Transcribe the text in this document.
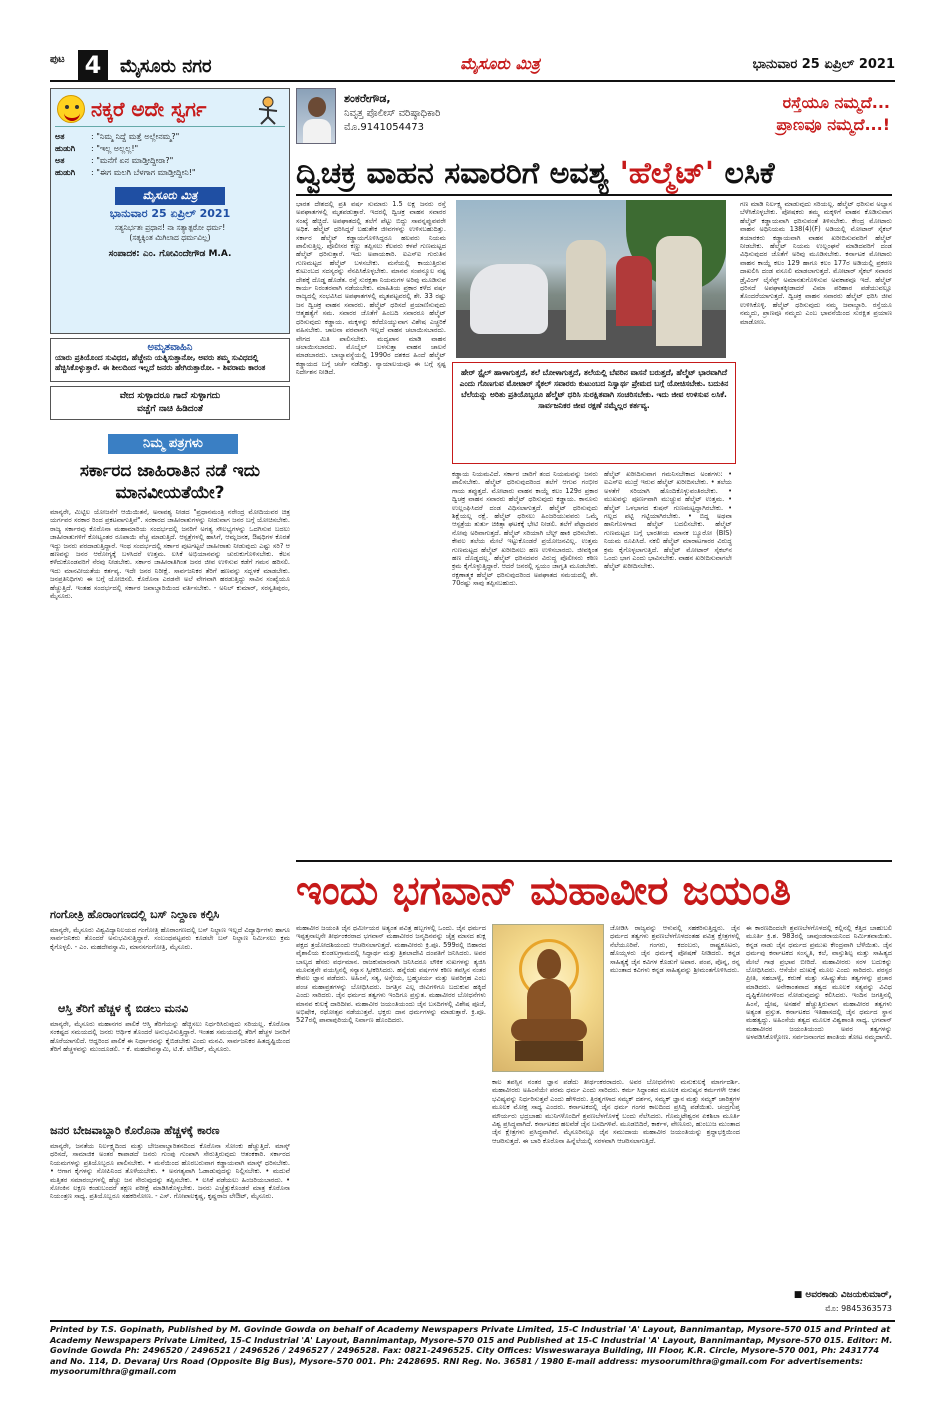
ಪುಟ 4	ಮೈಸೂರು ನಗರ	ಮೈಸೂರು ಮಿತ್ರ	ಭಾನುವಾರ 25 ಏಪ್ರಿಲ್ 2021
ನಕ್ಕರೆ ಅದೇ ಸ್ವರ್ಗ
ಅತ	: "ನಿಮ್ಮ ನಿದ್ದೆ ಮತ್ತೆ ಅಲ್ಲೇನಮ್ಮ?"
ಹುಡುಗಿ	: "ಇಲ್ಲ ಅಲ್ಲಲ್ಲ!"
ಅತ	: "ಮನೆಗೆ ಏನ ಮಾಡ್ತೀದ್ದೀರಾ?"
ಹುಡುಗಿ	: "ಈಗ ಮಲಗಿ ಬೆಳಗಾಗ ಮಾಡ್ತೀದ್ದೀನಿ!"
ಮೈಸೂರು ಮಿತ್ರ
ಭಾನುವಾರ 25 ಏಪ್ರಿಲ್ 2021
ಸತ್ಯನಿರ್ಭತಃ ಪ್ರಧಾನ! ನಾ ಸತ್ಯಾತ್ಪರೋ ಧರ್ಮ!
(ಸತ್ಯಕ್ಕಿಂತ ಮಿಗಿಲಾದ ಧರ್ಮವಿಲ್ಲ)
ಸಂಪಾದಕ: ಎಂ. ಗೋವಿಂದೇಗೌಡ M.A.
ಅಮೃತವಾಹಿನಿ
ಯಾರು ಪ್ರತಿಯೊಂದ ಸುವಿಧದ, ಹೆಚ್ಚೇನು ಯತ್ನಿಸುತ್ತಾನೋ, ಅವರು ತಮ್ಮ ಸುವಿಧದಲ್ಲಿ ಹೆಚ್ಚಿಸಿಕೊಳ್ಳುತ್ತಾರೆ. ಈ ಶೀಲದಿಂದ ಇಲ್ಲದೆ ಜನರು ಹೇಗಿರುತ್ತಾರೋ. - ಶಿವರಾಮ ಕಾರಂತ
ವೇದ ಸುಳ್ಳಾದರೂ ಗಾದೆ ಸುಳ್ಳಾಗದು
ವಚ್ಚೆಗೆ ನಾಚಿ ಹಿಡಿದಂತೆ
ನಿಮ್ಮ ಪತ್ರಗಳು
ಸರ್ಕಾರದ ಜಾಹಿರಾತಿನ ನಡೆ ಇದು ಮಾನವೀಯತೆಯೇ?
ಮಾನ್ಯರೇ, ಮಿಟ್ಟಿಲ ಯೋಜನೆಗೆ ಆಯಿಯಿತನೆ, ಅನಾವಶ್ಯ ನೀಡದ "ಪ್ರಧಾನಮಂತ್ರಿ ನರೇಂದ್ರ ಮೋದಿಯವರ ಚಿತ್ರ ಯರ್ಗವರ ಸರಕಾರ ರಿಂದ ಪ್ರಕಟವಾಗುತ್ತಿವೆ". ಸರಕಾರದ ಜಾಹೀರಾತುಗಳನ್ನು ನೀಡುವಾಗ ಜನರ ಬಗ್ಗೆ ಯೋಚಿಸಬೇಕು. ರಾಜ್ಯ ಸರ್ಕಾರವು ಕೊರೊನಾ ಮಹಾಮಾರಿಯ ಸಂದರ್ಭದಲ್ಲಿ ಜನರಿಗೆ ಅಗತ್ಯ ಸೌಲಭ್ಯಗಳನ್ನು ಒದಗಿಸುವ ಬದಲು ಜಾಹೀರಾತುಗಳಿಗೆ ಕೋಟ್ಯಂತರ ರೂಪಾಯಿ ವೆಚ್ಚ ಮಾಡುತ್ತಿದೆ. ಆಸ್ಪತ್ರೆಗಳಲ್ಲಿ ಹಾಸಿಗೆ, ಆಮ್ಲಜನಕ, ಔಷಧಿಗಳ ಕೊರತೆ ಇದ್ದು ಜನರು ಪರದಾಡುತ್ತಿದ್ದಾರೆ. ಇಂಥ ಸಂದರ್ಭದಲ್ಲಿ ಸರ್ಕಾರ ಪುಟಗಟ್ಟಲೆ ಜಾಹೀರಾತು ನೀಡುವುದು ಎಷ್ಟು ಸರಿ? ಆ ಹಣವನ್ನು ಜನರ ಆರೋಗ್ಯಕ್ಕೆ ಬಳಸಿದರೆ ಉತ್ತಮ. ಲಸಿಕೆ ಅಭಿಯಾನವನ್ನು ಚುರುಕುಗೊಳಿಸಬೇಕು. ಕೆಲಸ ಕಳೆದುಕೊಂಡವರಿಗೆ ನೆರವು ನೀಡಬೇಕು. ಸರ್ಕಾರ ಜಾಹೀರಾತಿಗಿಂತ ಜನರ ಜೀವ ಉಳಿಸುವ ಕಡೆಗೆ ಗಮನ ಹರಿಸಲಿ. ಇದು ಮಾನವೀಯತೆಯ ಕರ್ತವ್ಯ. ಇದೇ ಜನರ ನಿರೀಕ್ಷೆ. ಸಾರ್ವಜನಿಕರ ತೆರಿಗೆ ಹಣವನ್ನು ಸದ್ಬಳಕೆ ಮಾಡಬೇಕು. ಜನಪ್ರತಿನಿಧಿಗಳು ಈ ಬಗ್ಗೆ ಯೋಚಿಸಲಿ. ಕೊರೊನಾ ಎರಡನೇ ಅಲೆ ವೇಗವಾಗಿ ಹರಡುತ್ತಿದ್ದು ಸಾವಿನ ಸಂಖ್ಯೆಯೂ ಹೆಚ್ಚುತ್ತಿದೆ. ಇಂತಹ ಸಂದರ್ಭದಲ್ಲಿ ಸರ್ಕಾರ ಜವಾಬ್ದಾರಿಯಿಂದ ವರ್ತಿಸಬೇಕು. - ಅನಿಲ್ ಕುಮಾರ್, ಸರಸ್ವತಿಪುರಂ, ಮೈಸೂರು.
ಗಂಗೋತ್ರಿ ಹೊರಾಂಗಣದಲ್ಲಿ ಬಸ್ ನಿಲ್ದಾಣ ಕಲ್ಪಿಸಿ
ಮಾನ್ಯರೇ, ಮೈಸೂರು ವಿಶ್ವವಿದ್ಯಾನಿಲಯದ ಗಂಗೋತ್ರಿ ಹೊರಾಂಗಣದಲ್ಲಿ ಬಸ್ ನಿಲ್ದಾಣ ಇಲ್ಲದೆ ವಿದ್ಯಾರ್ಥಿಗಳು ಹಾಗೂ ಸಾರ್ವಜನಿಕರು ತೊಂದರೆ ಅನುಭವಿಸುತ್ತಿದ್ದಾರೆ. ಸಂಬಂಧಪಟ್ಟವರು ಕೂಡಲೇ ಬಸ್ ನಿಲ್ದಾಣ ನಿರ್ಮಿಸಲು ಕ್ರಮ ಕೈಗೊಳ್ಳಲಿ. - ಎಂ. ಮಹದೇವಸ್ವಾಮಿ, ಮಾನಸಗಂಗೋತ್ರಿ, ಮೈಸೂರು.
ಆಸ್ತಿ ತೆರಿಗೆ ಹೆಚ್ಚಳ ಕೈ ಬಿಡಲು ಮನವಿ
ಮಾನ್ಯರೇ, ಮೈಸೂರು ಮಹಾನಗರ ಪಾಲಿಕೆ ಆಸ್ತಿ ತೆರಿಗೆಯನ್ನು ಹೆಚ್ಚಿಸಲು ನಿರ್ಧರಿಸಿರುವುದು ಸರಿಯಲ್ಲ. ಕೊರೊನಾ ಸಂಕಷ್ಟದ ಸಮಯದಲ್ಲಿ ಜನರು ಆರ್ಥಿಕ ತೊಂದರೆ ಅನುಭವಿಸುತ್ತಿದ್ದಾರೆ. ಇಂತಹ ಸಮಯದಲ್ಲಿ ತೆರಿಗೆ ಹೆಚ್ಚಳ ಜನರಿಗೆ ಹೊರೆಯಾಗಲಿದೆ. ಆದ್ದರಿಂದ ಪಾಲಿಕೆ ಈ ನಿರ್ಧಾರವನ್ನು ಕೈಬಿಡಬೇಕು ಎಂದು ಮನವಿ. ಸಾರ್ವಜನಿಕರ ಹಿತದೃಷ್ಟಿಯಿಂದ ತೆರಿಗೆ ಹೆಚ್ಚಳವನ್ನು ಮುಂದೂಡಲಿ. - ಕೆ. ಮಹದೇವಸ್ವಾಮಿ, ಟಿ.ಕೆ. ಲೇಔಟ್, ಮೈಸೂರು.
ಜನರ ಬೇಜವಾಬ್ದಾರಿ ಕೊರೊನಾ ಹೆಚ್ಚಳಕ್ಕೆ ಕಾರಣ
ಮಾನ್ಯರೇ, ಜನತೆಯ ನಿರ್ಲಕ್ಷ್ಯದಿಂದ ಮತ್ತು ಬೇಜವಾಬ್ದಾರಿತನದಿಂದ ಕೊರೊನಾ ಸೋಂಕು ಹೆಚ್ಚುತ್ತಿದೆ. ಮಾಸ್ಕ್ ಧರಿಸದೆ, ಸಾಮಾಜಿಕ ಅಂತರ ಕಾಪಾಡದೆ ಜನರು ಗುಂಪು ಗುಂಪಾಗಿ ಸೇರುತ್ತಿರುವುದು ಆತಂಕಕಾರಿ. ಸರ್ಕಾರದ ನಿಯಮಗಳನ್ನು ಪ್ರತಿಯೊಬ್ಬರೂ ಪಾಲಿಸಬೇಕು. • ಮನೆಯಿಂದ ಹೊರಬರುವಾಗ ಕಡ್ಡಾಯವಾಗಿ ಮಾಸ್ಕ್ ಧರಿಸಬೇಕು. • ಆಗಾಗ ಕೈಗಳನ್ನು ಸೋಪಿನಿಂದ ತೊಳೆಯಬೇಕು. • ಅನಗತ್ಯವಾಗಿ ಓಡಾಡುವುದನ್ನು ನಿಲ್ಲಿಸಬೇಕು. • ಮದುವೆ ಮತ್ತಿತರ ಸಮಾರಂಭಗಳಲ್ಲಿ ಹೆಚ್ಚು ಜನ ಸೇರುವುದನ್ನು ತಪ್ಪಿಸಬೇಕು. • ಲಸಿಕೆ ಪಡೆಯಲು ಹಿಂಜರಿಯಬಾರದು. • ಸೋಂಕಿನ ಲಕ್ಷಣ ಕಂಡುಬಂದರೆ ತಕ್ಷಣ ಪರೀಕ್ಷೆ ಮಾಡಿಸಿಕೊಳ್ಳಬೇಕು. ಜನರು ಎಚ್ಚೆತ್ತುಕೊಂಡರೆ ಮಾತ್ರ ಕೊರೊನಾ ನಿಯಂತ್ರಣ ಸಾಧ್ಯ. ಪ್ರತಿಯೊಬ್ಬರೂ ಸಹಕರಿಸೋಣ. - ಎಸ್. ಗೋಪಾಲಕೃಷ್ಣ, ಕೃಷ್ಣರಾಜ ಲೇಔಟ್, ಮೈಸೂರು.
ಶಂಕರೇಗೌಡ,
ನಿವೃತ್ತ ಪೊಲೀಸ್ ವರಿಷ್ಠಾಧಿಕಾರಿ
ಮೊ.9141054473
ರಸ್ತೆಯೂ ನಮ್ಮದೆ...
ಪ್ರಾಣವೂ ನಮ್ಮದೆ...!
ದ್ವಿಚಕ್ರ ವಾಹನ ಸವಾರರಿಗೆ ಅವಶ್ಯ 'ಹೆಲ್ಮೆಟ್' ಲಸಿಕೆ
ಹೇರ್ ಸ್ಟೈಲ್ ಹಾಳಾಗುತ್ತದೆ, ತಲೆ ಬೋಳಾಗುತ್ತದೆ, ತಲೆಯಲ್ಲಿ ಬೆವರಿನ ವಾಸನೆ ಬರುತ್ತದೆ, ಹೆಲ್ಮೆಟ್ ಭಾರವಾಗಿದೆ ಎಂದು ಗೊಣಗುವ ಮೋಟಾರ್ ಸೈಕಲ್ ಸವಾರರು ಕುಟುಂಬದ ನಿಸ್ವಾರ್ಥ ಪ್ರೇಮದ ಬಗ್ಗೆ ಯೋಚಿಸಬೇಕು. ಬದುಕಿನ ಬೆಲೆಯನ್ನು ಅರಿತು ಪ್ರತಿಯೊಬ್ಬರೂ ಹೆಲ್ಮೆಟ್ ಧರಿಸಿ ಸುರಕ್ಷಿತವಾಗಿ ಸಂಚರಿಸಬೇಕು. ಇದು ಜೀವ ಉಳಿಸುವ ಲಸಿಕೆ. ಸಾರ್ವಜನಿಕರ ಜೀವ ರಕ್ಷಣೆ ನಮ್ಮೆಲ್ಲರ ಕರ್ತವ್ಯ.
ಭಾರತ ದೇಶದಲ್ಲಿ ಪ್ರತಿ ವರ್ಷ ಸುಮಾರು 1.5 ಲಕ್ಷ ಜನರು ರಸ್ತೆ ಅಪಘಾತಗಳಲ್ಲಿ ಮೃತಪಡುತ್ತಾರೆ. ಇದರಲ್ಲಿ ದ್ವಿಚಕ್ರ ವಾಹನ ಸವಾರರ ಸಂಖ್ಯೆ ಹೆಚ್ಚಿದೆ. ಅಪಘಾತದಲ್ಲಿ ತಲೆಗೆ ಪೆಟ್ಟು ಬಿದ್ದು ಸಾವನ್ನಪ್ಪುವವರೇ ಅಧಿಕ. ಹೆಲ್ಮೆಟ್ ಧರಿಸಿದ್ದರೆ ಬಹುತೇಕ ಜೀವಗಳನ್ನು ಉಳಿಸಬಹುದಿತ್ತು. ಸರ್ಕಾರ ಹೆಲ್ಮೆಟ್ ಕಡ್ಡಾಯಗೊಳಿಸಿದ್ದರೂ ಹಲವರು ನಿಯಮ ಪಾಲಿಸುತ್ತಿಲ್ಲ. ಪೊಲೀಸರ ಕಣ್ಣು ತಪ್ಪಿಸಲು ಕೆಲವರು ಕಳಪೆ ಗುಣಮಟ್ಟದ ಹೆಲ್ಮೆಟ್ ಧರಿಸುತ್ತಾರೆ. ಇದು ಅಪಾಯಕಾರಿ. ಐಎಸ್‌ಐ ಗುರುತಿನ ಗುಣಮಟ್ಟದ ಹೆಲ್ಮೆಟ್ ಬಳಸಬೇಕು. ಮನೆಯಲ್ಲಿ ಕಾಯುತ್ತಿರುವ ಕುಟುಂಬದ ಸದಸ್ಯರನ್ನು ನೆನಪಿಸಿಕೊಳ್ಳಬೇಕು. ಮಾನವ ಸಂಪನ್ಮೂಲ ನಷ್ಟ ದೇಶಕ್ಕೆ ದೊಡ್ಡ ಹೊಡೆತ. ರಸ್ತೆ ಸುರಕ್ಷತಾ ನಿಯಮಗಳ ಅರಿವು ಮೂಡಿಸುವ ಕಾರ್ಯ ನಿರಂತರವಾಗಿ ನಡೆಯಬೇಕು. ಮಾಹಿತಿಯ ಪ್ರಕಾರ ಕಳೆದ ವರ್ಷ ರಾಜ್ಯದಲ್ಲಿ ಸಂಭವಿಸಿದ ಅಪಘಾತಗಳಲ್ಲಿ ಮೃತಪಟ್ಟವರಲ್ಲಿ ಶೇ. 33 ರಷ್ಟು ಜನ ದ್ವಿಚಕ್ರ ವಾಹನ ಸವಾರರು. ಹೆಲ್ಮೆಟ್ ಧರಿಸದೆ ಪ್ರಯಾಣಿಸುವುದು ಆತ್ಮಹತ್ಯೆಗೆ ಸಮ. ಸವಾರರ ಜೊತೆಗೆ ಹಿಂಬದಿ ಸವಾರರೂ ಹೆಲ್ಮೆಟ್ ಧರಿಸುವುದು ಕಡ್ಡಾಯ. ಮಕ್ಕಳನ್ನು ಕರೆದೊಯ್ಯುವಾಗ ವಿಶೇಷ ಎಚ್ಚರಿಕೆ ವಹಿಸಬೇಕು. ಚಾಲನಾ ಪರವಾನಗಿ ಇಲ್ಲದೆ ವಾಹನ ಚಲಾಯಿಸಬಾರದು. ವೇಗದ ಮಿತಿ ಪಾಲಿಸಬೇಕು. ಮದ್ಯಪಾನ ಮಾಡಿ ವಾಹನ ಚಲಾಯಿಸಬಾರದು. ಮೊಬೈಲ್ ಬಳಸುತ್ತಾ ವಾಹನ ಚಾಲನೆ ಮಾಡಬಾರದು. ಬಾಲ್ಯಾವಸ್ಥೆಯಲ್ಲಿ 1990ರ ದಶಕದ ಹಿಂದೆ ಹೆಲ್ಮೆಟ್ ಕಡ್ಡಾಯದ ಬಗ್ಗೆ ಚರ್ಚೆ ನಡೆದಿತ್ತು. ನ್ಯಾಯಾಲಯವೂ ಈ ಬಗ್ಗೆ ಸ್ಪಷ್ಟ ನಿರ್ದೇಶನ ನೀಡಿದೆ.
ಕಡ್ಡಾಯ ನಿಯಮವಿದೆ. ಸರ್ಕಾರ ಜಾರಿಗೆ ತಂದ ನಿಯಮವನ್ನು ಜನರು ಪಾಲಿಸಬೇಕು. ಹೆಲ್ಮೆಟ್ ಧರಿಸುವುದರಿಂದ ತಲೆಗೆ ಆಗುವ ಗಂಭೀರ ಗಾಯ ತಪ್ಪುತ್ತದೆ. ಮೋಟಾರು ವಾಹನ ಕಾಯ್ದೆ ಕಲಂ 129ರ ಪ್ರಕಾರ ದ್ವಿಚಕ್ರ ವಾಹನ ಸವಾರರು ಹೆಲ್ಮೆಟ್ ಧರಿಸುವುದು ಕಡ್ಡಾಯ. ಕಾನೂನು ಉಲ್ಲಂಘಿಸಿದರೆ ದಂಡ ವಿಧಿಸಲಾಗುತ್ತದೆ. ಹೆಲ್ಮೆಟ್ ಧರಿಸುವುದು ಶಿಕ್ಷೆಯಲ್ಲ ರಕ್ಷೆ. ಹೆಲ್ಮೆಟ್ ಧರಿಸಲು ಹಿಂಜರಿಯುವವರು ಒಮ್ಮೆ ಆಸ್ಪತ್ರೆಯ ತುರ್ತು ಚಿಕಿತ್ಸಾ ಘಟಕಕ್ಕೆ ಭೇಟಿ ನೀಡಲಿ. ತಲೆಗೆ ಪೆಟ್ಟಾದವರ ನೋವು ಅರಿವಾಗುತ್ತದೆ. ಹೆಲ್ಮೆಟ್ ಸರಿಯಾಗಿ ಬೆಲ್ಟ್ ಹಾಕಿ ಧರಿಸಬೇಕು. ಕೇವಲ ತಲೆಯ ಮೇಲೆ ಇಟ್ಟುಕೊಂಡರೆ ಪ್ರಯೋಜನವಿಲ್ಲ. ಉತ್ತಮ ಗುಣಮಟ್ಟದ ಹೆಲ್ಮೆಟ್ ಖರೀದಿಸಲು ಹಣ ಉಳಿಸಬಾರದು. ಜೀವಕ್ಕಿಂತ ಹಣ ದೊಡ್ಡದಲ್ಲ. ಹೆಲ್ಮೆಟ್ ಧರಿಸದವರ ವಿರುದ್ಧ ಪೊಲೀಸರು ಕಠಿಣ ಕ್ರಮ ಕೈಗೊಳ್ಳುತ್ತಿದ್ದಾರೆ. ಆದರೆ ಜನರಲ್ಲಿ ಸ್ವಯಂ ಜಾಗೃತಿ ಮೂಡಬೇಕು. ರಕ್ಷಣಾತ್ಮಕ ಹೆಲ್ಮೆಟ್ ಧರಿಸುವುದರಿಂದ ಅಪಘಾತದ ಸಮಯದಲ್ಲಿ ಶೇ. 70ರಷ್ಟು ಸಾವು ತಪ್ಪಿಸಬಹುದು.
ಹೆಲ್ಮೆಟ್ ಖರೀದಿಸುವಾಗ ಗಮನಿಸಬೇಕಾದ ಅಂಶಗಳು: • ಐಎಸ್‌ಐ ಮುದ್ರೆ ಇರುವ ಹೆಲ್ಮೆಟ್ ಖರೀದಿಸಬೇಕು. • ತಲೆಯ ಅಳತೆಗೆ ಸರಿಯಾಗಿ ಹೊಂದಿಕೊಳ್ಳುವಂತಿರಬೇಕು. • ಮುಖವನ್ನು ಪೂರ್ಣವಾಗಿ ಮುಚ್ಚುವ ಹೆಲ್ಮೆಟ್ ಉತ್ತಮ. • ಹೆಲ್ಮೆಟ್ ಒಳಭಾಗದ ಕುಷನ್ ಗುಣಮಟ್ಟದ್ದಾಗಿರಬೇಕು. • ಗಲ್ಲದ ಪಟ್ಟಿ ಗಟ್ಟಿಯಾಗಿರಬೇಕು. • ಬಿದ್ದ ಅಥವಾ ಹಾನಿಗೊಳಗಾದ ಹೆಲ್ಮೆಟ್ ಬದಲಿಸಬೇಕು. ಹೆಲ್ಮೆಟ್ ಗುಣಮಟ್ಟದ ಬಗ್ಗೆ ಭಾರತೀಯ ಮಾನಕ ಬ್ಯೂರೋ (BIS) ನಿಯಮ ರೂಪಿಸಿದೆ. ನಕಲಿ ಹೆಲ್ಮೆಟ್ ಮಾರಾಟಗಾರರ ವಿರುದ್ಧ ಕ್ರಮ ಕೈಗೊಳ್ಳಲಾಗುತ್ತಿದೆ. ಹೆಲ್ಮೆಟ್ ಮೋಟಾರ್ ಸೈಕಲ್‌ನ ಒಂದು ಭಾಗ ಎಂದು ಭಾವಿಸಬೇಕು. ವಾಹನ ಖರೀದಿಸುವಾಗಲೇ ಹೆಲ್ಮೆಟ್ ಖರೀದಿಸಬೇಕು.
ಗಣ ಮಾಡಿ ನಿರ್ಲಕ್ಷ್ಯ ಮಾಡುವುದು ಸರಿಯಲ್ಲ. ಹೆಲ್ಮೆಟ್ ಧರಿಸುವ ಅಭ್ಯಾಸ ಬೆಳೆಸಿಕೊಳ್ಳಬೇಕು. ಪೋಷಕರು ತಮ್ಮ ಮಕ್ಕಳಿಗೆ ವಾಹನ ಕೊಡಿಸುವಾಗ ಹೆಲ್ಮೆಟ್ ಕಡ್ಡಾಯವಾಗಿ ಧರಿಸುವಂತೆ ತಿಳಿಸಬೇಕು. ಕೇಂದ್ರ ಮೋಟಾರು ವಾಹನ ಅಧಿನಿಯಮ 138(4)(F) ಅಡಿಯಲ್ಲಿ ಮೋಟಾರ್ ಸೈಕಲ್ ತಯಾರಕರು ಕಡ್ಡಾಯವಾಗಿ ವಾಹನ ಖರೀದಿಸುವವರಿಗೆ ಹೆಲ್ಮೆಟ್ ನೀಡಬೇಕು. ಹೆಲ್ಮೆಟ್ ನಿಯಮ ಉಲ್ಲಂಘನೆ ಮಾಡಿದವರಿಗೆ ದಂಡ ವಿಧಿಸುವುದರ ಜೊತೆಗೆ ಅರಿವು ಮೂಡಿಸಬೇಕು. ಕರ್ನಾಟಕ ಮೋಟಾರು ವಾಹನ ಕಾಯ್ದೆ ಕಲಂ 129 ಹಾಗೂ ಕಲಂ 177ರ ಅಡಿಯಲ್ಲಿ ಪ್ರಕರಣ ದಾಖಲಿಸಿ ದಂಡ ವಸೂಲಿ ಮಾಡಲಾಗುತ್ತದೆ. ಮೋಟಾರ್ ಸೈಕಲ್ ಸವಾರರ ಡ್ರೈವಿಂಗ್ ಲೈಸೆನ್ಸ್ ಅಮಾನತುಗೊಳಿಸುವ ಅವಕಾಶವೂ ಇದೆ. ಹೆಲ್ಮೆಟ್ ಧರಿಸದೆ ಅಪಘಾತಕ್ಕೀಡಾದರೆ ವಿಮಾ ಪರಿಹಾರ ಪಡೆಯುವಲ್ಲೂ ತೊಂದರೆಯಾಗುತ್ತದೆ. ದ್ವಿಚಕ್ರ ವಾಹನ ಸವಾರರು ಹೆಲ್ಮೆಟ್ ಧರಿಸಿ ಜೀವ ಉಳಿಸಿಕೊಳ್ಳಿ. ಹೆಲ್ಮೆಟ್ ಧರಿಸುವುದು ನಮ್ಮ ಜವಾಬ್ದಾರಿ. ರಸ್ತೆಯೂ ನಮ್ಮದು, ಪ್ರಾಣವೂ ನಮ್ಮದು ಎಂಬ ಭಾವನೆಯಿಂದ ಸುರಕ್ಷಿತ ಪ್ರಯಾಣ ಮಾಡೋಣ.
ಇಂದು ಭಗವಾನ್ ಮಹಾವೀರ ಜಯಂತಿ
ಮಹಾವೀರ ಜಯಂತಿ ಜೈನ ಧರ್ಮೀಯರ ಅತ್ಯಂತ ಪವಿತ್ರ ಹಬ್ಬಗಳಲ್ಲಿ ಒಂದು. ಜೈನ ಧರ್ಮದ ಇಪ್ಪತ್ತನಾಲ್ಕನೇ ತೀರ್ಥಂಕರರಾದ ಭಗವಾನ್ ಮಹಾವೀರರ ಜನ್ಮದಿನವನ್ನು ಚೈತ್ರ ಮಾಸದ ಶುಕ್ಲ ಪಕ್ಷದ ತ್ರಯೋದಶಿಯಂದು ಆಚರಿಸಲಾಗುತ್ತದೆ. ಮಹಾವೀರರು ಕ್ರಿ.ಪೂ. 599ರಲ್ಲಿ ಬಿಹಾರದ ವೈಶಾಲಿಯ ಕುಂಡಲಗ್ರಾಮದಲ್ಲಿ ಸಿದ್ಧಾರ್ಥ ಮತ್ತು ತ್ರಿಶಲಾದೇವಿ ದಂಪತಿಗೆ ಜನಿಸಿದರು. ಅವರ ಬಾಲ್ಯದ ಹೆಸರು ವರ್ಧಮಾನ. ರಾಜಕುಮಾರನಾಗಿ ಜನಿಸಿದರೂ ಲೌಕಿಕ ಸುಖಗಳನ್ನು ತ್ಯಜಿಸಿ ಮೂವತ್ತನೇ ವಯಸ್ಸಿನಲ್ಲಿ ಸನ್ಯಾಸ ಸ್ವೀಕರಿಸಿದರು. ಹನ್ನೆರಡು ವರ್ಷಗಳ ಕಠಿಣ ತಪಸ್ಸಿನ ನಂತರ ಕೇವಲ ಜ್ಞಾನ ಪಡೆದರು. ಅಹಿಂಸೆ, ಸತ್ಯ, ಅಸ್ತೇಯ, ಬ್ರಹ್ಮಚರ್ಯ ಮತ್ತು ಅಪರಿಗ್ರಹ ಎಂಬ ಪಂಚ ಮಹಾವ್ರತಗಳನ್ನು ಬೋಧಿಸಿದರು. ಜಗತ್ತಿನ ಎಲ್ಲ ಜೀವಿಗಳಿಗೂ ಬದುಕುವ ಹಕ್ಕಿದೆ ಎಂದು ಸಾರಿದರು. ಜೈನ ಧರ್ಮದ ತತ್ವಗಳು ಇಂದಿಗೂ ಪ್ರಸ್ತುತ. ಮಹಾವೀರರ ಬೋಧನೆಗಳು ಮಾನವ ಕುಲಕ್ಕೆ ದಾರಿದೀಪ. ಮಹಾವೀರ ಜಯಂತಿಯಂದು ಜೈನ ಬಸದಿಗಳಲ್ಲಿ ವಿಶೇಷ ಪೂಜೆ, ಅಭಿಷೇಕ, ರಥೋತ್ಸವ ನಡೆಯುತ್ತವೆ. ಭಕ್ತರು ದಾನ ಧರ್ಮಗಳನ್ನು ಮಾಡುತ್ತಾರೆ. ಕ್ರಿ.ಪೂ. 527ರಲ್ಲಿ ಪಾವಾಪುರಿಯಲ್ಲಿ ನಿರ್ವಾಣ ಹೊಂದಿದರು.
ಜೋಡಿಸಿ ರಾಜ್ಯವನ್ನು ಆಳುವಲ್ಲಿ ಸಹಕರಿಸುತ್ತಿದ್ದರು. ಜೈನ ಧರ್ಮದ ತತ್ವಗಳು ಶ್ರವಣಬೆಳಗೊಳದಂತಹ ಪವಿತ್ರ ಕ್ಷೇತ್ರಗಳಲ್ಲಿ ನೆಲೆಯೂರಿವೆ. ಗಂಗರು, ಕದಂಬರು, ರಾಷ್ಟ್ರಕೂಟರು, ಹೊಯ್ಸಳರು ಜೈನ ಧರ್ಮಕ್ಕೆ ಪೋಷಣೆ ನೀಡಿದರು. ಕನ್ನಡ ಸಾಹಿತ್ಯಕ್ಕೆ ಜೈನ ಕವಿಗಳ ಕೊಡುಗೆ ಅಪಾರ. ಪಂಪ, ಪೊನ್ನ, ರನ್ನ ಮುಂತಾದ ಕವಿಗಳು ಕನ್ನಡ ಸಾಹಿತ್ಯವನ್ನು ಶ್ರೀಮಂತಗೊಳಿಸಿದರು.
ಕಾಲ ತಪಸ್ಸಿನ ನಂತರ ಜ್ಞಾನ ಪಡೆದು ತೀರ್ಥಂಕರರಾದರು. ಅವರ ಬೋಧನೆಗಳು ಮನುಕುಲಕ್ಕೆ ಮಾರ್ಗದರ್ಶಿ. ಮಹಾವೀರರು ಅಹಿಂಸೆಯೇ ಪರಮ ಧರ್ಮ ಎಂದು ಸಾರಿದರು. ಕರ್ಮ ಸಿದ್ಧಾಂತದ ಮೂಲಕ ಮನುಷ್ಯನ ಕರ್ಮಗಳೇ ಆತನ ಭವಿಷ್ಯವನ್ನು ನಿರ್ಧರಿಸುತ್ತವೆ ಎಂದು ಹೇಳಿದರು. ತ್ರಿರತ್ನಗಳಾದ ಸಮ್ಯಕ್ ದರ್ಶನ, ಸಮ್ಯಕ್ ಜ್ಞಾನ ಮತ್ತು ಸಮ್ಯಕ್ ಚಾರಿತ್ರ್ಯಗಳ ಮೂಲಕ ಮೋಕ್ಷ ಸಾಧ್ಯ ಎಂದರು. ಕರ್ನಾಟಕದಲ್ಲಿ ಜೈನ ಧರ್ಮ ಗಂಗರ ಕಾಲದಿಂದ ಪ್ರಸಿದ್ಧಿ ಪಡೆಯಿತು. ಚಂದ್ರಗುಪ್ತ ಮೌರ್ಯರು ಭದ್ರಬಾಹು ಮುನಿಗಳೊಂದಿಗೆ ಶ್ರವಣಬೆಳಗೊಳಕ್ಕೆ ಬಂದು ನೆಲೆಸಿದರು. ಗೊಮ್ಮಟೇಶ್ವರನ ಏಕಶಿಲಾ ಮೂರ್ತಿ ವಿಶ್ವ ಪ್ರಸಿದ್ಧವಾಗಿದೆ. ಕರ್ನಾಟಕದ ಹಲವೆಡೆ ಜೈನ ಬಸದಿಗಳಿವೆ. ಮೂಡಬಿದಿರೆ, ಕಾರ್ಕಳ, ವೇಣೂರು, ಹುಂಬುಜ ಮುಂತಾದ ಜೈನ ಕ್ಷೇತ್ರಗಳು ಪ್ರಸಿದ್ಧವಾಗಿವೆ. ಮೈಸೂರಿನಲ್ಲೂ ಜೈನ ಸಮುದಾಯ ಮಹಾವೀರ ಜಯಂತಿಯನ್ನು ಶ್ರದ್ಧಾಭಕ್ತಿಯಿಂದ ಆಚರಿಸುತ್ತದೆ. ಈ ಬಾರಿ ಕೊರೊನಾ ಹಿನ್ನೆಲೆಯಲ್ಲಿ ಸರಳವಾಗಿ ಆಚರಿಸಲಾಗುತ್ತಿದೆ.
ಈ ಕಾರಣದಿಂದಲೇ ಶ್ರವಣಬೆಳಗೊಳದಲ್ಲಿ ಕಲ್ಲಿನಲ್ಲಿ ಕೆತ್ತಿದ ಬಾಹುಬಲಿ ಮೂರ್ತಿ ಕ್ರಿ.ಶ. 983ರಲ್ಲಿ ಚಾವುಂಡರಾಯನಿಂದ ನಿರ್ಮಿತವಾಯಿತು. ಕನ್ನಡ ನಾಡು ಜೈನ ಧರ್ಮದ ಪ್ರಮುಖ ಕೇಂದ್ರವಾಗಿ ಬೆಳೆಯಿತು. ಜೈನ ಧರ್ಮವು ಕರ್ನಾಟಕದ ಸಂಸ್ಕೃತಿ, ಕಲೆ, ವಾಸ್ತುಶಿಲ್ಪ ಮತ್ತು ಸಾಹಿತ್ಯದ ಮೇಲೆ ಗಾಢ ಪ್ರಭಾವ ಬೀರಿದೆ. ಮಹಾವೀರರು ಸರಳ ಬದುಕನ್ನು ಬೋಧಿಸಿದರು. ಆಸೆಯೇ ದುಃಖಕ್ಕೆ ಮೂಲ ಎಂದು ಸಾರಿದರು. ಪರಸ್ಪರ ಪ್ರೀತಿ, ಸಹಬಾಳ್ವೆ, ಕರುಣೆ ಮತ್ತು ಸಹಿಷ್ಣುತೆಯ ತತ್ವಗಳನ್ನು ಪ್ರಚಾರ ಮಾಡಿದರು. ಅನೇಕಾಂತವಾದ ತತ್ವದ ಮೂಲಕ ಸತ್ಯವನ್ನು ವಿವಿಧ ದೃಷ್ಟಿಕೋನಗಳಿಂದ ನೋಡುವುದನ್ನು ಕಲಿಸಿದರು. ಇಂದಿನ ಜಗತ್ತಿನಲ್ಲಿ ಹಿಂಸೆ, ದ್ವೇಷ, ಅಸಹನೆ ಹೆಚ್ಚುತ್ತಿರುವಾಗ ಮಹಾವೀರರ ತತ್ವಗಳು ಅತ್ಯಂತ ಪ್ರಸ್ತುತ. ಕರ್ನಾಟಕದ ಇತಿಹಾಸದಲ್ಲಿ ಜೈನ ಧರ್ಮದ ಸ್ಥಾನ ಮಹತ್ವದ್ದು. ಅಹಿಂಸೆಯ ತತ್ವದ ಮೂಲಕ ವಿಶ್ವಶಾಂತಿ ಸಾಧ್ಯ. ಭಗವಾನ್ ಮಹಾವೀರರ ಜಯಂತಿಯಂದು ಅವರ ತತ್ವಗಳನ್ನು ಅಳವಡಿಸಿಕೊಳ್ಳೋಣ. ಸರ್ವಜನಾಂಗದ ಶಾಂತಿಯ ತೋಟ ನಮ್ಮದಾಗಲಿ.
■ ಅವರಕಾಡು ವಿಜಯಕುಮಾರ್,
ಮೊ: 9845363573
Printed by T.S. Gopinath, Published by M. Govinde Gowda on behalf of Academy Newspapers Private Limited, 15-C Industrial 'A' Layout, Bannimantap, Mysore-570 015 and Printed at Academy Newspapers Private Limited, 15-C Industrial 'A' Layout, Bannimantap, Mysore-570 015 and Published at 15-C Industrial 'A' Layout, Bannimantap, Mysore-570 015. Editor: M. Govinde Gowda Ph: 2496520 / 2496521 / 2496526 / 2496527 / 2496528. Fax: 0821-2496525. City Offices: Visweswaraya Building, III Floor, K.R. Circle, Mysore-570 001, Ph: 2431774 and No. 114, D. Devaraj Urs Road (Opposite Big Bus), Mysore-570 001. Ph: 2428695. RNI Reg. No. 36581 / 1980 E-mail address: mysoorumithra@gmail.com For advertisements: mysoorumithra@gmail.com
